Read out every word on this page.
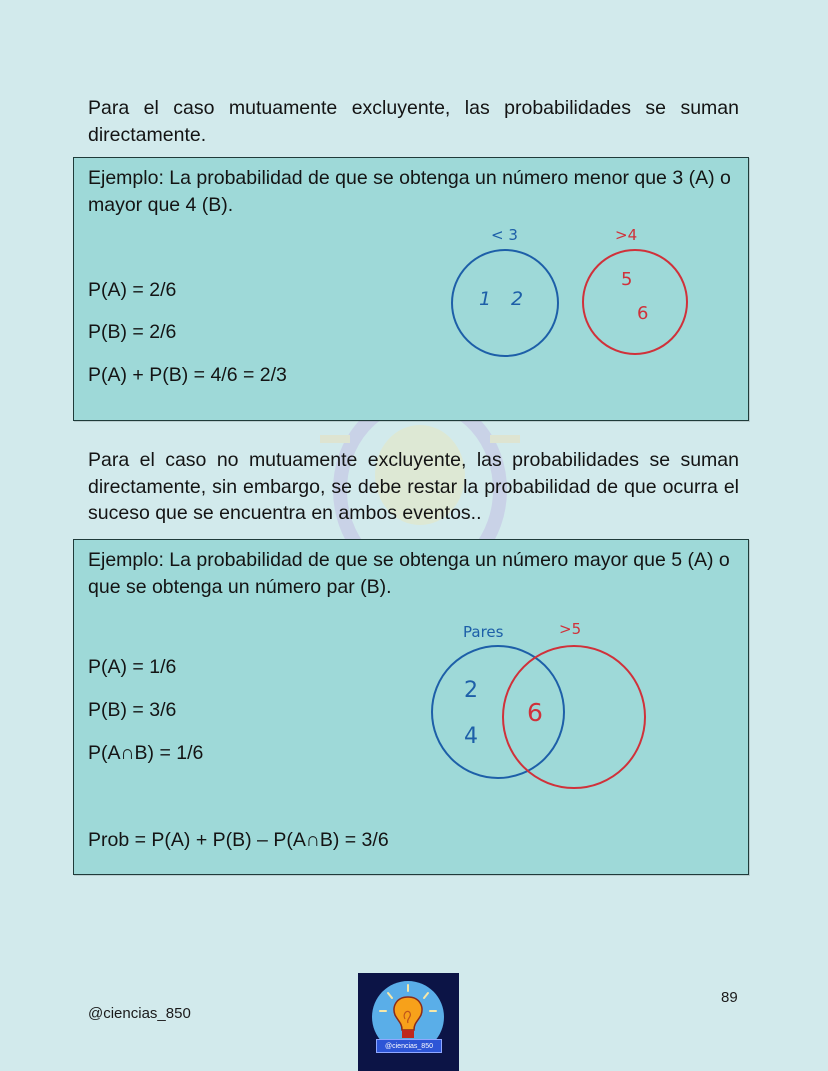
Para el caso mutuamente excluyente, las probabilidades se suman directamente.

Ejemplo: La probabilidad de que se obtenga un número menor que 3 (A) o mayor que 4 (B).
P(A) = 2/6
P(B) = 2/6
P(A) + P(B) = 4/6 = 2/3
< 3
1 2
>4
5
6

Para el caso no mutuamente excluyente, las probabilidades se suman directamente, sin embargo, se debe restar la probabilidad de que ocurra el suceso que se encuentra en ambos eventos..

Ejemplo: La probabilidad de que se obtenga un número mayor que 5 (A) o que se obtenga un número par (B).
P(A) = 1/6
P(B) = 3/6
P(A∩B) = 1/6
Prob = P(A) + P(B) – P(A∩B) = 3/6
Pares
2
4
>5
6
@ciencias_850
89
@ciencias_850
